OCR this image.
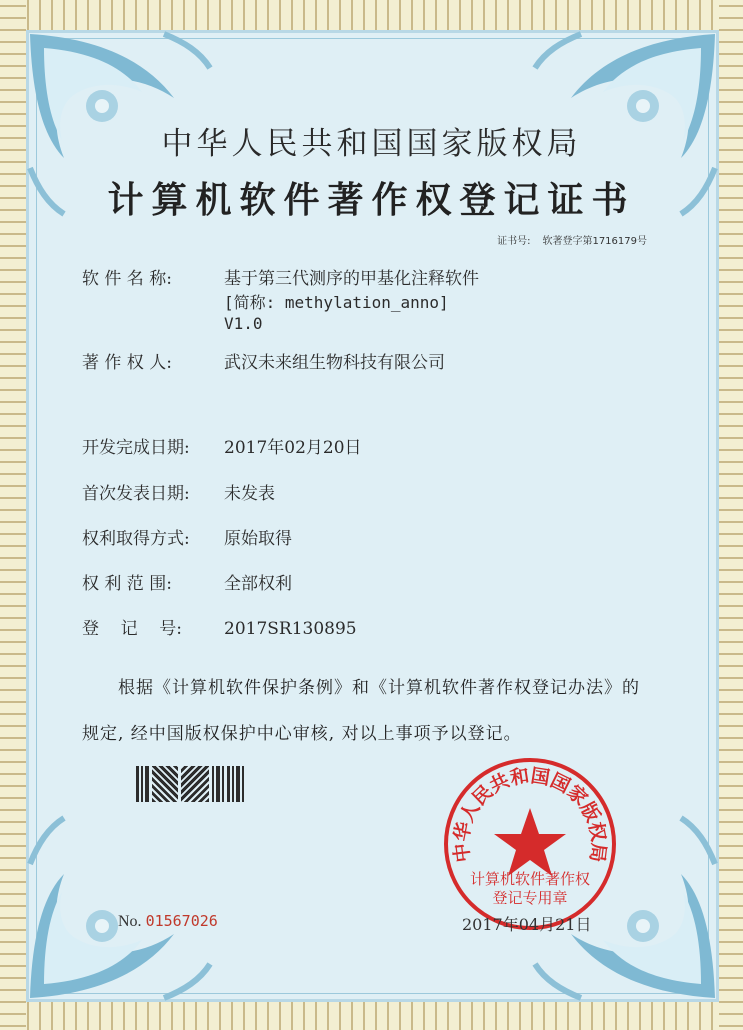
中华人民共和国国家版权局
计算机软件著作权登记证书
证书号: 软著登字第1716179号
软 件 名 称:	基于第三代测序的甲基化注释软件
[简称: methylation_anno]
V1.0
著 作 权 人:	武汉未来组生物科技有限公司
开发完成日期: 2017年02月20日
首次发表日期: 未发表
权利取得方式: 原始取得
权 利 范 围:	全部权利
登    记    号: 2017SR130895
根据《计算机软件保护条例》和《计算机软件著作权登记办法》的
规定, 经中国版权保护中心审核, 对以上事项予以登记。
No. 01567026
中华人民共和国国家版权局
计算机软件著作权
登记专用章
2017年04月21日
